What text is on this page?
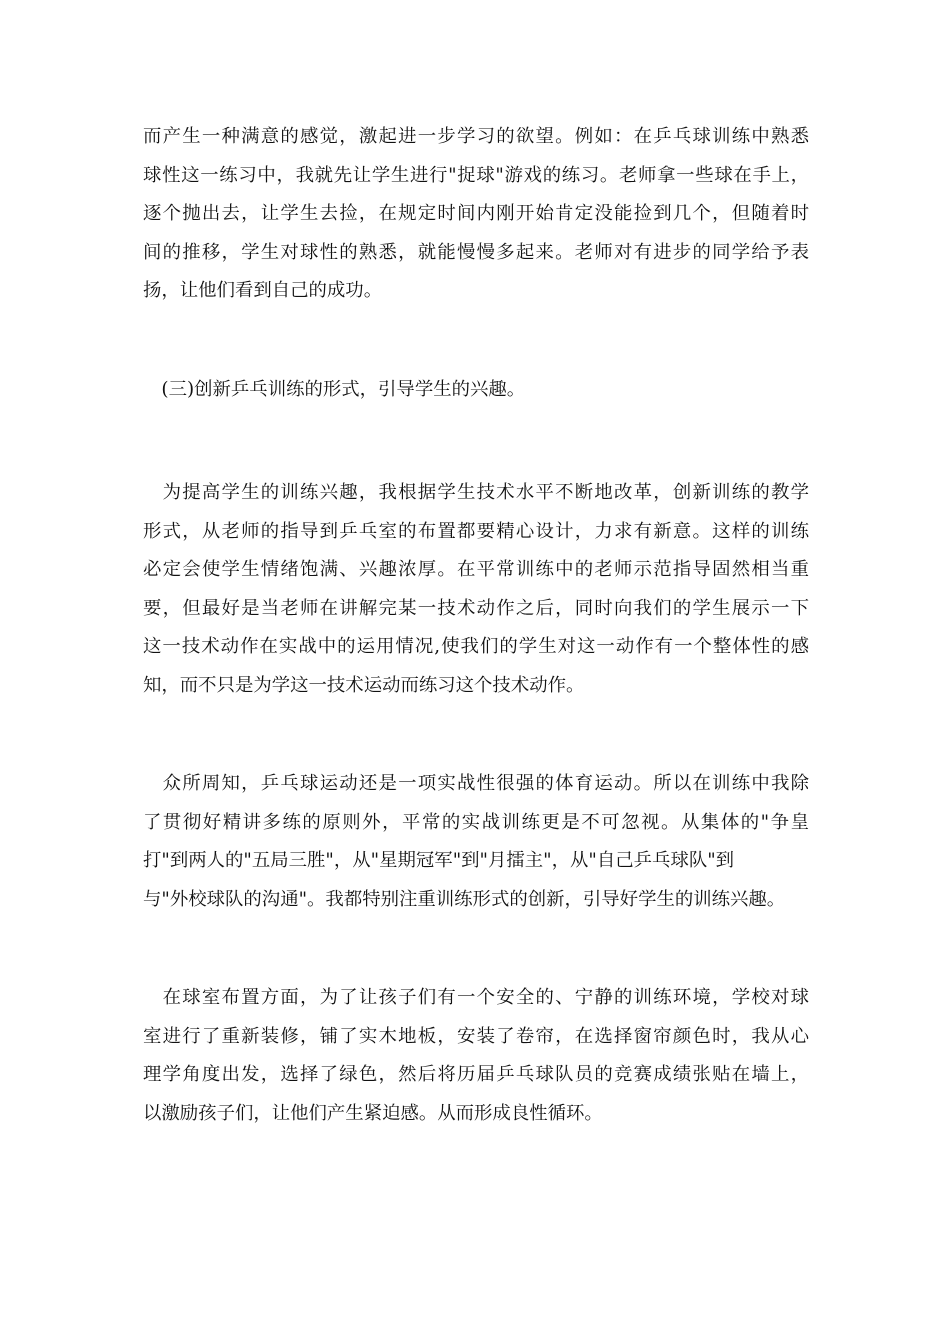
而产生一种满意的感觉，激起进一步学习的欲望。例如：在乒乓球训练中熟悉
球性这一练习中，我就先让学生进行"捉球"游戏的练习。老师拿一些球在手上，
逐个抛出去，让学生去捡，在规定时间内刚开始肯定没能捡到几个，但随着时
间的推移，学生对球性的熟悉，就能慢慢多起来。老师对有进步的同学给予表
扬，让他们看到自己的成功。
　(三)创新乒乓训练的形式，引导学生的兴趣。
　为提高学生的训练兴趣，我根据学生技术水平不断地改革，创新训练的教学
形式，从老师的指导到乒乓室的布置都要精心设计，力求有新意。这样的训练
必定会使学生情绪饱满、兴趣浓厚。在平常训练中的老师示范指导固然相当重
要，但最好是当老师在讲解完某一技术动作之后，同时向我们的学生展示一下
这一技术动作在实战中的运用情况,使我们的学生对这一动作有一个整体性的感
知，而不只是为学这一技术运动而练习这个技术动作。
　众所周知，乒乓球运动还是一项实战性很强的体育运动。所以在训练中我除
了贯彻好精讲多练的原则外，平常的实战训练更是不可忽视。从集体的"争皇
打"到两人的"五局三胜"，从"星期冠军"到"月擂主"，从"自己乒乓球队"到
与"外校球队的沟通"。我都特别注重训练形式的创新，引导好学生的训练兴趣。
　在球室布置方面，为了让孩子们有一个安全的、宁静的训练环境，学校对球
室进行了重新装修，铺了实木地板，安装了卷帘，在选择窗帘颜色时，我从心
理学角度出发，选择了绿色，然后将历届乒乓球队员的竞赛成绩张贴在墙上，
以激励孩子们，让他们产生紧迫感。从而形成良性循环。
